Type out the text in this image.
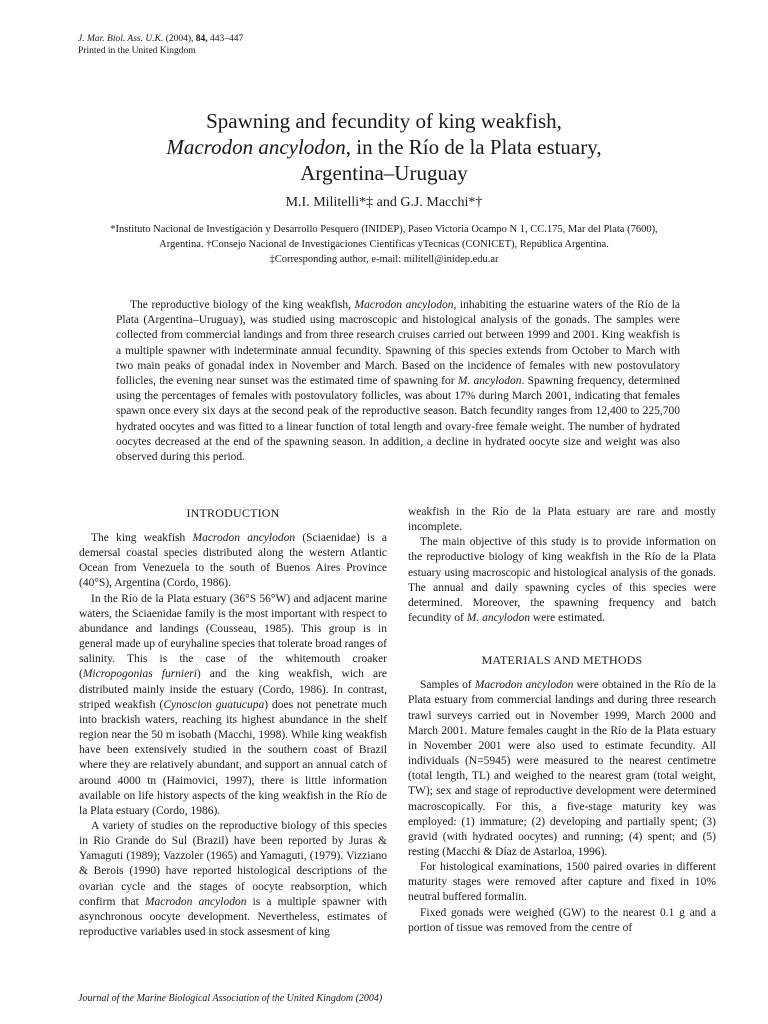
J. Mar. Biol. Ass. U.K. (2004), 84, 443–447
Printed in the United Kingdom
Spawning and fecundity of king weakfish,
Macrodon ancylodon, in the Río de la Plata estuary,
Argentina–Uruguay
M.I. Militelli*‡ and G.J. Macchi*†
*Instituto Nacional de Investigación y Desarrollo Pesquero (INIDEP), Paseo Victoria Ocampo N 1, CC.175, Mar del Plata (7600),
Argentina. †Consejo Nacional de Investigaciones Cientificas yTecnicas (CONICET), República Argentina.
‡Corresponding author, e-mail: militell@inidep.edu.ar
The reproductive biology of the king weakfish, Macrodon ancylodon, inhabiting the estuarine waters of the Río de la Plata (Argentina–Uruguay), was studied using macroscopic and histological analysis of the gonads. The samples were collected from commercial landings and from three research cruises carried out between 1999 and 2001. King weakfish is a multiple spawner with indeterminate annual fecundity. Spawning of this species extends from October to March with two main peaks of gonadal index in November and March. Based on the incidence of females with new postovulatory follicles, the evening near sunset was the estimated time of spawning for M. ancylodon. Spawning frequency, determined using the percentages of females with postovulatory follicles, was about 17% during March 2001, indicating that females spawn once every six days at the second peak of the reproductive season. Batch fecundity ranges from 12,400 to 225,700 hydrated oocytes and was fitted to a linear function of total length and ovary-free female weight. The number of hydrated oocytes decreased at the end of the spawning season. In addition, a decline in hydrated oocyte size and weight was also observed during this period.
INTRODUCTION

The king weakfish Macrodon ancylodon (Sciaenidae) is a demersal coastal species distributed along the western Atlantic Ocean from Venezuela to the south of Buenos Aires Province (40°S), Argentina (Cordo, 1986).

In the Río de la Plata estuary (36°S 56°W) and adjacent marine waters, the Sciaenidae family is the most important with respect to abundance and landings (Cousseau, 1985). This group is in general made up of euryhaline species that tolerate broad ranges of salinity. This is the case of the whitemouth croaker (Micropogonias furnieri) and the king weakfish, wich are distributed mainly inside the estuary (Cordo, 1986). In contrast, striped weakfish (Cynoscion guatucupa) does not penetrate much into brackish waters, reaching its highest abundance in the shelf region near the 50 m isobath (Macchi, 1998). While king weakfish have been extensively studied in the southern coast of Brazil where they are relatively abundant, and support an annual catch of around 4000 tn (Haimovici, 1997), there is little information available on life history aspects of the king weakfish in the Río de la Plata estuary (Cordo, 1986).

A variety of studies on the reproductive biology of this species in Rio Grande do Sul (Brazil) have been reported by Juras & Yamaguti (1989); Vazzoler (1965) and Yamaguti, (1979). Vizziano & Berois (1990) have reported histological descriptions of the ovarian cycle and the stages of oocyte reabsorption, which confirm that Macrodon ancylodon is a multiple spawner with asynchronous oocyte development. Nevertheless, estimates of reproductive variables used in stock assesment of king

weakfish in the Río de la Plata estuary are rare and mostly incomplete.

The main objective of this study is to provide information on the reproductive biology of king weakfish in the Río de la Plata estuary using macroscopic and histological analysis of the gonads. The annual and daily spawning cycles of this species were determined. Moreover, the spawning frequency and batch fecundity of M. ancylodon were estimated.

MATERIALS AND METHODS

Samples of Macrodon ancylodon were obtained in the Río de la Plata estuary from commercial landings and during three research trawl surveys carried out in November 1999, March 2000 and March 2001. Mature females caught in the Río de la Plata estuary in November 2001 were also used to estimate fecundity. All individuals (N=5945) were measured to the nearest centimetre (total length, TL) and weighed to the nearest gram (total weight, TW); sex and stage of reproductive development were determined macroscopically. For this, a five-stage maturity key was employed: (1) immature; (2) developing and partially spent; (3) gravid (with hydrated oocytes) and running; (4) spent; and (5) resting (Macchi & Díaz de Astarloa, 1996).

For histological examinations, 1500 paired ovaries in different maturity stages were removed after capture and fixed in 10% neutral buffered formalin.

Fixed gonads were weighed (GW) to the nearest 0.1 g and a portion of tissue was removed from the centre of

Journal of the Marine Biological Association of the United Kingdom (2004)
